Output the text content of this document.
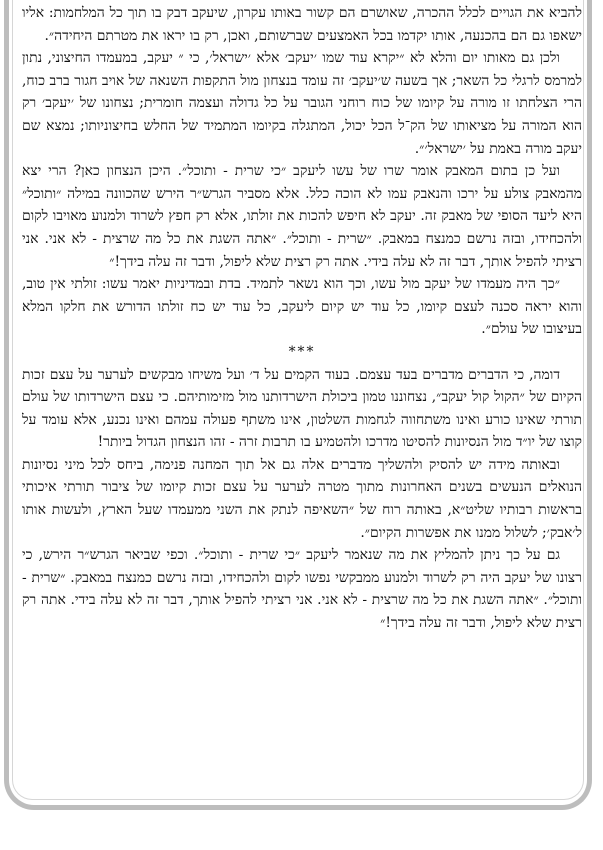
להביא את הגויים לכלל ההכרה, שאושרם הם קשור באותו עקרון, שיעקב דבק בו תוך כל המלחמות: אליו ישאפו גם הם בהכנעה, אותו יקדמו בכל האמצעים שברשותם, ואכן, רק בו יראו את מטרתם היחידה״.

ולכן גם מאותו יום והלא לא ״יקרא עוד שמו ׳יעקב׳ אלא ׳ישראל׳, כי ״ יעקב, במעמדו החיצוני, נתון למרמס לרגלי כל השאר; אך בשעה ש׳יעקב׳ זה עומד בנצחון מול התקפות השנאה של אויב חגור ברב כוח, הרי הצלחתו זו מורה על קיומו של כוח רוחני הגובר על כל גדולה ועצמה חומרית; נצחונו של ׳יעקב׳ רק הוא המורה על מציאותו של הק־ל הכל יכול, המתגלה בקיומו המתמיד של החלש בחיצוניותו; נמצא שם יעקב מורה באמת על ׳ישראל׳״.

ועל כן בתום המאבק אומר שרו של עשו ליעקב ״כי שרית - ותוכל״. היכן הנצחון כאן? הרי יצא מהמאבק צולע על ירכו והנאבק עמו לא הוכה כלל. אלא מסביר הגרש״ר הירש שהכוונה במילה ״ותוכל״ היא ליעד הסופי של מאבק זה. יעקב לא חיפש להכות את זולתו, אלא רק חפץ לשרוד ולמנוע מאויבו לקום ולהכחידו, ובזה נרשם כמנצח במאבק. ״שרית - ותוכל״. ״אתה השגת את כל מה שרצית - לא אני. אני רציתי להפיל אותך, דבר זה לא עלה בידי. אתה רק רצית שלא ליפול, ודבר זה עלה בידך!״

״כך היה מעמדו של יעקב מול עשו, וכך הוא נשאר לתמיד. בדת ובמדיניות יאמר עשו: זולתי אין טוב, והוא יראה סכנה לעצם קיומו, כל עוד יש קיום ליעקב, כל עוד יש כח זולתו הדורש את חלקו המלא בעיצובו של עולם״.

***

דומה, כי הדברים מדברים בעד עצמם. בעוד הקמים על ד׳ ועל משיחו מבקשים לערער על עצם זכות הקיום של ״הקול קול יעקב״, נצחוננו טמון ביכולת הישרדותנו מול מזימותיהם. כי עצם הישרדותו של עולם תורתי שאינו כורע ואינו משתחווה לגחמות השלטון, אינו משתף פעולה עמהם ואינו נכנע, אלא עומד על קוצו של יו״ד מול הנסיונות להסיטו מדרכו ולהטמיע בו תרבות זרה - זהו הנצחון הגדול ביותר!

ובאותה מידה יש להסיק ולהשליך מדברים אלה גם אל תוך המחנה פנימה, ביחס לכל מיני נסיונות הנואלים הנעשים בשנים האחרונות מתוך מטרה לערער על עצם זכות קיומו של ציבור תורתי איכותי בראשות רבותיו שליט״א, באותה רוח של ״השאיפה לנתק את השני ממעמדו שעל הארץ, ולעשות אותו ל׳אבק׳; לשלול ממנו את אפשרות הקיום״.

גם על כך ניתן להמליץ את מה שנאמר ליעקב ״כי שרית - ותוכל״. וכפי שביאר הגרש״ר הירש, כי רצונו של יעקב היה רק לשרוד ולמנוע ממבקשי נפשו לקום ולהכחידו, ובזה נרשם כמנצח במאבק. ״שרית - ותוכל״. ״אתה השגת את כל מה שרצית - לא אני. אני רציתי להפיל אותך, דבר זה לא עלה בידי. אתה רק רצית שלא ליפול, ודבר זה עלה בידך!״
